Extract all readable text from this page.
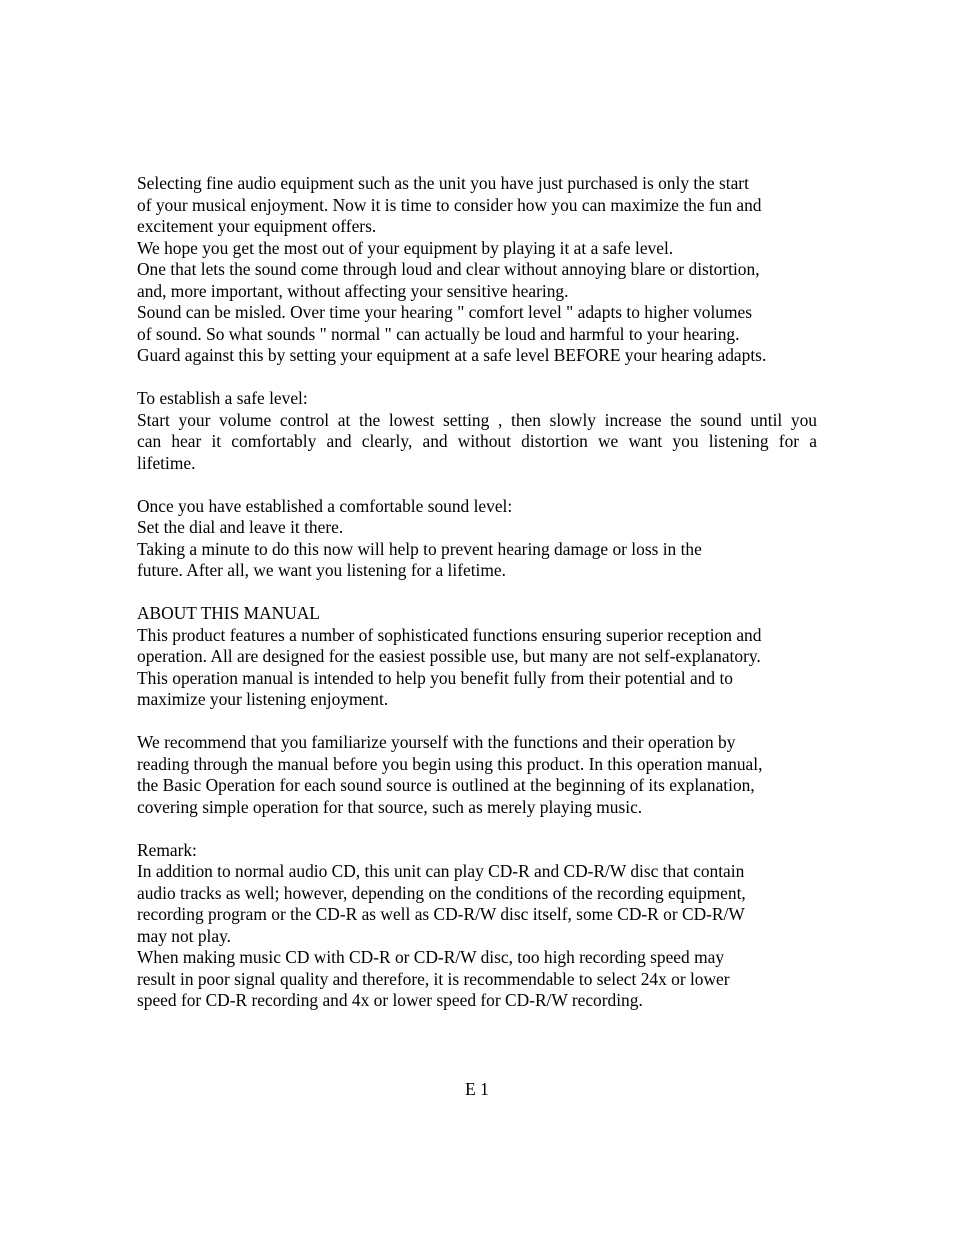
Selecting fine audio equipment such as the unit you have just purchased is only the start
of your musical enjoyment. Now it is time to consider how you can maximize the fun and
excitement your equipment offers.
We hope you get the most out of your equipment by playing it at a safe level.
One that lets the sound come through loud and clear without annoying blare or distortion,
and, more important, without affecting your sensitive hearing.
Sound can be misled. Over time your hearing " comfort level " adapts to higher volumes
of sound. So what sounds " normal " can actually be loud and harmful to your hearing.
Guard against this by setting your equipment at a safe level BEFORE your hearing adapts.
To establish a safe level:
Start your volume control at the lowest setting , then slowly increase the sound until you
can hear it comfortably and clearly, and without distortion we want you listening for a
lifetime.
Once you have established a comfortable sound level:
Set the dial and leave it there.
Taking a minute to do this now will help to prevent hearing damage or loss in the
future. After all, we want you listening for a lifetime.
ABOUT THIS MANUAL
This product features a number of sophisticated functions ensuring superior reception and
operation. All are designed for the easiest possible use, but many are not self-explanatory.
This operation manual is intended to help you benefit fully from their potential and to
maximize your listening enjoyment.
We recommend that you familiarize yourself with the functions and their operation by
reading through the manual before you begin using this product. In this operation manual,
the Basic Operation for each sound source is outlined at the beginning of its explanation,
covering simple operation for that source, such as merely playing music.
Remark:
In addition to normal audio CD, this unit can play CD-R and CD-R/W disc that contain
audio tracks as well; however, depending on the conditions of the recording equipment,
recording program or the CD-R as well as CD-R/W disc itself, some CD-R or CD-R/W
may not play.
When making music CD with CD-R or CD-R/W disc, too high recording speed may
result in poor signal quality and therefore, it is recommendable to select 24x or lower
speed for CD-R recording and 4x or lower speed for CD-R/W recording.
E 1
